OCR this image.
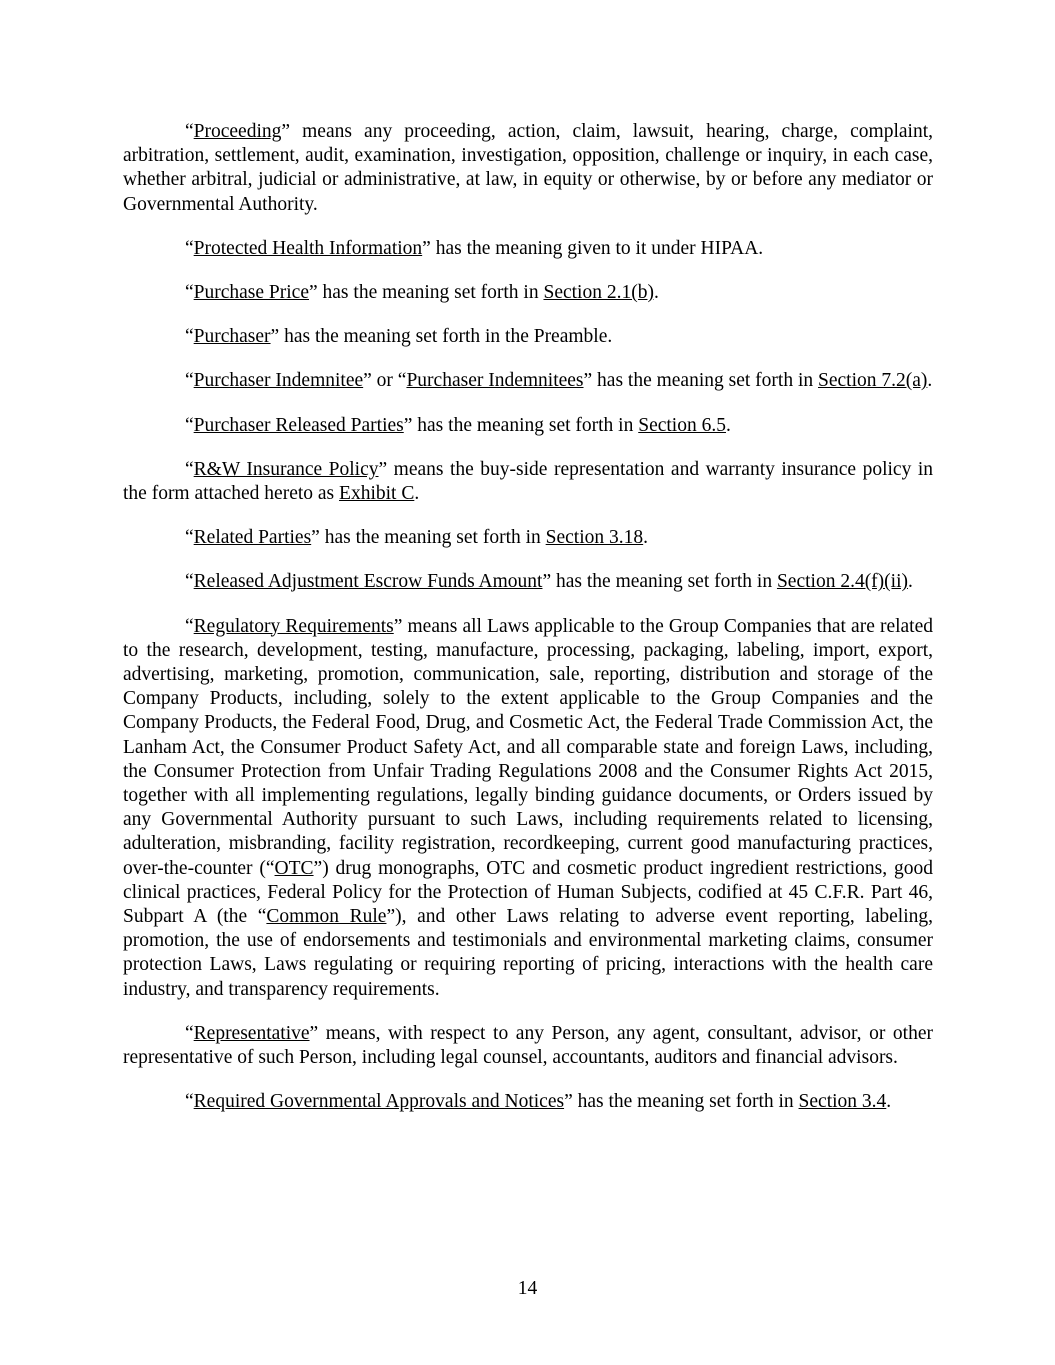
“Proceeding” means any proceeding, action, claim, lawsuit, hearing, charge, complaint, arbitration, settlement, audit, examination, investigation, opposition, challenge or inquiry, in each case, whether arbitral, judicial or administrative, at law, in equity or otherwise, by or before any mediator or Governmental Authority.

“Protected Health Information” has the meaning given to it under HIPAA.

“Purchase Price” has the meaning set forth in Section 2.1(b).

“Purchaser” has the meaning set forth in the Preamble.

“Purchaser Indemnitee” or “Purchaser Indemnitees” has the meaning set forth in Section 7.2(a).

“Purchaser Released Parties” has the meaning set forth in Section 6.5.

“R&W Insurance Policy” means the buy-side representation and warranty insurance policy in the form attached hereto as Exhibit C.

“Related Parties” has the meaning set forth in Section 3.18.

“Released Adjustment Escrow Funds Amount” has the meaning set forth in Section 2.4(f)(ii).

“Regulatory Requirements” means all Laws applicable to the Group Companies that are related to the research, development, testing, manufacture, processing, packaging, labeling, import, export, advertising, marketing, promotion, communication, sale, reporting, distribution and storage of the Company Products, including, solely to the extent applicable to the Group Companies and the Company Products, the Federal Food, Drug, and Cosmetic Act, the Federal Trade Commission Act, the Lanham Act, the Consumer Product Safety Act, and all comparable state and foreign Laws, including, the Consumer Protection from Unfair Trading Regulations 2008 and the Consumer Rights Act 2015, together with all implementing regulations, legally binding guidance documents, or Orders issued by any Governmental Authority pursuant to such Laws, including requirements related to licensing, adulteration, misbranding, facility registration, recordkeeping, current good manufacturing practices, over-the-counter (“OTC”) drug monographs, OTC and cosmetic product ingredient restrictions, good clinical practices, Federal Policy for the Protection of Human Subjects, codified at 45 C.F.R. Part 46, Subpart A (the “Common Rule”), and other Laws relating to adverse event reporting, labeling, promotion, the use of endorsements and testimonials and environmental marketing claims, consumer protection Laws, Laws regulating or requiring reporting of pricing, interactions with the health care industry, and transparency requirements.

“Representative” means, with respect to any Person, any agent, consultant, advisor, or other representative of such Person, including legal counsel, accountants, auditors and financial advisors.

“Required Governmental Approvals and Notices” has the meaning set forth in Section 3.4.

14
